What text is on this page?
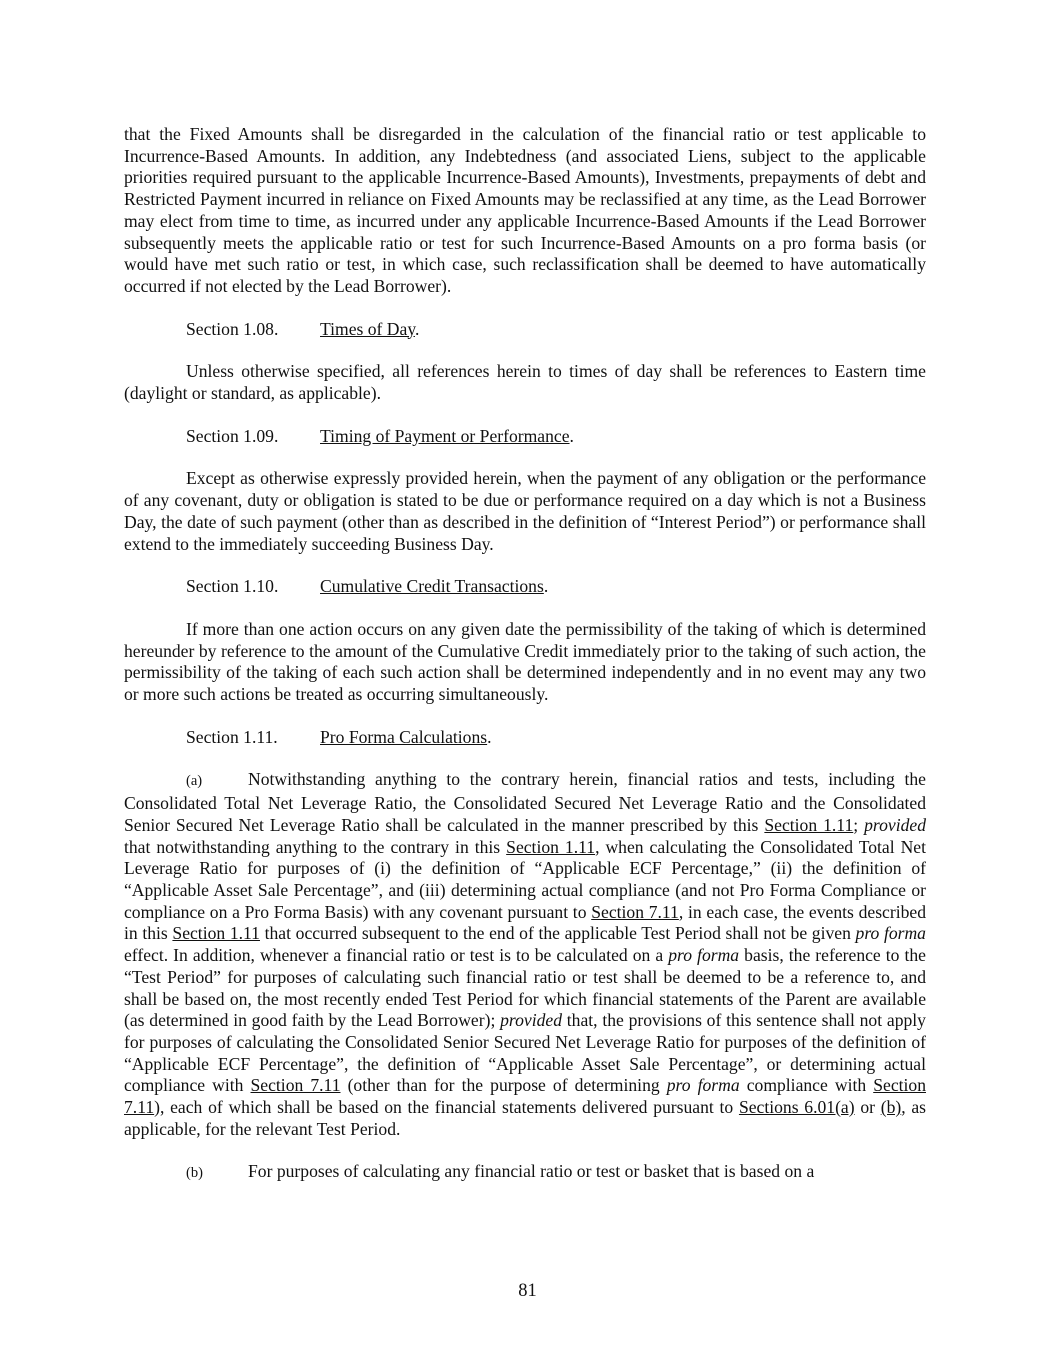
that the Fixed Amounts shall be disregarded in the calculation of the financial ratio or test applicable to Incurrence-Based Amounts. In addition, any Indebtedness (and associated Liens, subject to the applicable priorities required pursuant to the applicable Incurrence-Based Amounts), Investments, prepayments of debt and Restricted Payment incurred in reliance on Fixed Amounts may be reclassified at any time, as the Lead Borrower may elect from time to time, as incurred under any applicable Incurrence-Based Amounts if the Lead Borrower subsequently meets the applicable ratio or test for such Incurrence-Based Amounts on a pro forma basis (or would have met such ratio or test, in which case, such reclassification shall be deemed to have automatically occurred if not elected by the Lead Borrower).

Section 1.08. Times of Day.

Unless otherwise specified, all references herein to times of day shall be references to Eastern time (daylight or standard, as applicable).

Section 1.09. Timing of Payment or Performance.

Except as otherwise expressly provided herein, when the payment of any obligation or the performance of any covenant, duty or obligation is stated to be due or performance required on a day which is not a Business Day, the date of such payment (other than as described in the definition of “Interest Period”) or performance shall extend to the immediately succeeding Business Day.

Section 1.10. Cumulative Credit Transactions.

If more than one action occurs on any given date the permissibility of the taking of which is determined hereunder by reference to the amount of the Cumulative Credit immediately prior to the taking of such action, the permissibility of the taking of each such action shall be determined independently and in no event may any two or more such actions be treated as occurring simultaneously.

Section 1.11. Pro Forma Calculations.

(a)	Notwithstanding anything to the contrary herein, financial ratios and tests, including the Consolidated Total Net Leverage Ratio, the Consolidated Secured Net Leverage Ratio and the Consolidated Senior Secured Net Leverage Ratio shall be calculated in the manner prescribed by this Section 1.11; provided that notwithstanding anything to the contrary in this Section 1.11, when calculating the Consolidated Total Net Leverage Ratio for purposes of (i) the definition of “Applicable ECF Percentage,” (ii) the definition of “Applicable Asset Sale Percentage”, and (iii) determining actual compliance (and not Pro Forma Compliance or compliance on a Pro Forma Basis) with any covenant pursuant to Section 7.11, in each case, the events described in this Section 1.11 that occurred subsequent to the end of the applicable Test Period shall not be given pro forma effect. In addition, whenever a financial ratio or test is to be calculated on a pro forma basis, the reference to the “Test Period” for purposes of calculating such financial ratio or test shall be deemed to be a reference to, and shall be based on, the most recently ended Test Period for which financial statements of the Parent are available (as determined in good faith by the Lead Borrower); provided that, the provisions of this sentence shall not apply for purposes of calculating the Consolidated Senior Secured Net Leverage Ratio for purposes of the definition of “Applicable ECF Percentage”, the definition of “Applicable Asset Sale Percentage”, or determining actual compliance with Section 7.11 (other than for the purpose of determining pro forma compliance with Section 7.11), each of which shall be based on the financial statements delivered pursuant to Sections 6.01(a) or (b), as applicable, for the relevant Test Period.

(b)	For purposes of calculating any financial ratio or test or basket that is based on a

81
